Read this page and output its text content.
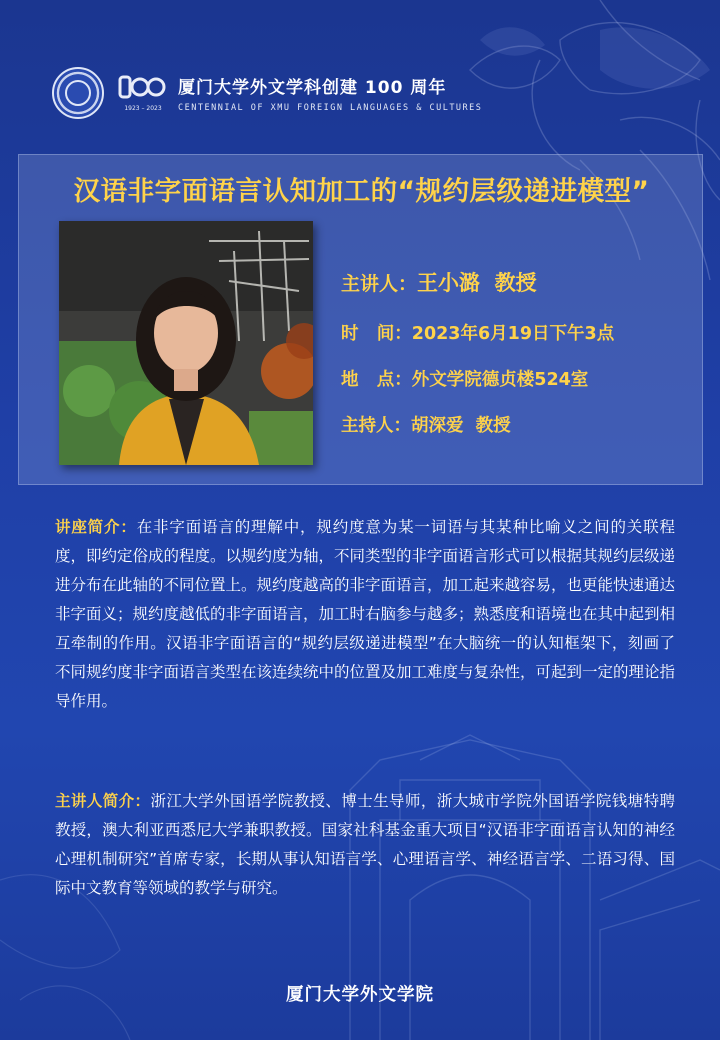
1923 – 2023
厦门大学外文学科创建 100 周年
CENTENNIAL OF XMU FOREIGN LANGUAGES & CULTURES
汉语非字面语言认知加工的“规约层级递进模型”
主讲人： 王小潞  教授
时   间： 2023年6月19日下午3点
地   点： 外文学院德贞楼524室
主持人： 胡深爱  教授
讲座简介：在非字面语言的理解中，规约度意为某一词语与其某种比喻义之间的关联程度，即约定俗成的程度。以规约度为轴，不同类型的非字面语言形式可以根据其规约层级递进分布在此轴的不同位置上。规约度越高的非字面语言，加工起来越容易，也更能快速通达非字面义；规约度越低的非字面语言，加工时右脑参与越多；熟悉度和语境也在其中起到相互牵制的作用。汉语非字面语言的“规约层级递进模型”在大脑统一的认知框架下，刻画了不同规约度非字面语言类型在该连续统中的位置及加工难度与复杂性，可起到一定的理论指导作用。
主讲人简介：浙江大学外国语学院教授、博士生导师，浙大城市学院外国语学院钱塘特聘教授，澳大利亚西悉尼大学兼职教授。国家社科基金重大项目“汉语非字面语言认知的神经心理机制研究”首席专家，长期从事认知语言学、心理语言学、神经语言学、二语习得、国际中文教育等领域的教学与研究。
厦门大学外文学院
